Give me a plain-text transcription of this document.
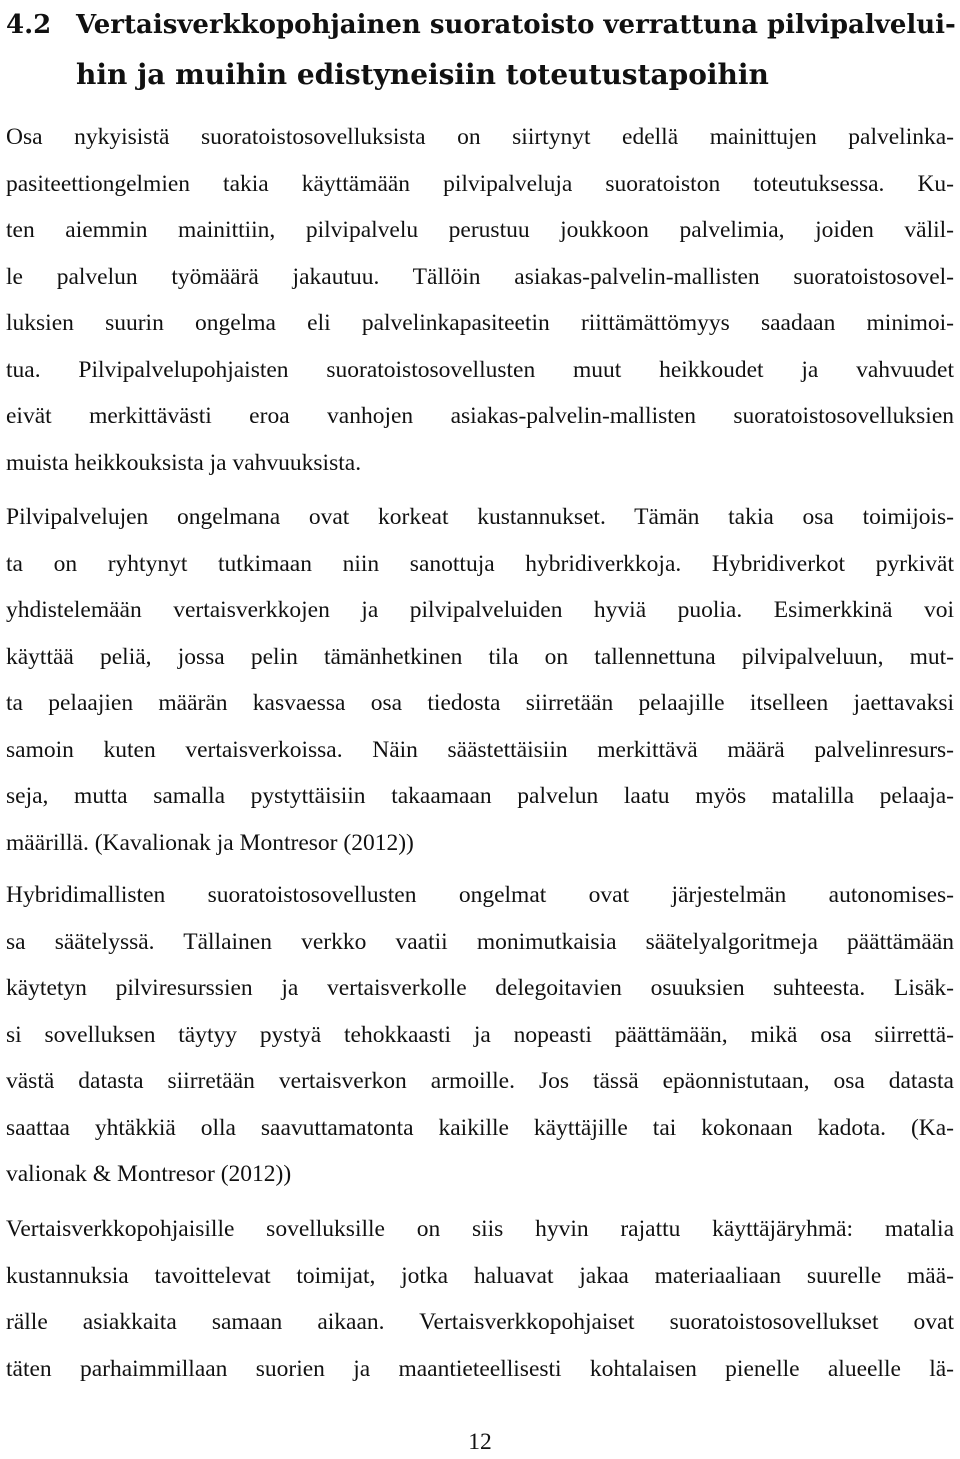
4.2 Vertaisverkkopohjainen suoratoisto verrattuna pilvipalvelui-
hin ja muihin edistyneisiin toteutustapoihin
Osa nykyisistä suoratoistosovelluksista on siirtynyt edellä mainittujen palvelinka-
pasiteettiongelmien takia käyttämään pilvipalveluja suoratoiston toteutuksessa. Ku-
ten aiemmin mainittiin, pilvipalvelu perustuu joukkoon palvelimia, joiden välil-
le palvelun työmäärä jakautuu. Tällöin asiakas-palvelin-mallisten suoratoistosovel-
luksien suurin ongelma eli palvelinkapasiteetin riittämättömyys saadaan minimoi-
tua. Pilvipalvelupohjaisten suoratoistosovellusten muut heikkoudet ja vahvuudet
eivät merkittävästi eroa vanhojen asiakas-palvelin-mallisten suoratoistosovelluksien
muista heikkouksista ja vahvuuksista.
Pilvipalvelujen ongelmana ovat korkeat kustannukset. Tämän takia osa toimijois-
ta on ryhtynyt tutkimaan niin sanottuja hybridiverkkoja. Hybridiverkot pyrkivät
yhdistelemään vertaisverkkojen ja pilvipalveluiden hyviä puolia. Esimerkkinä voi
käyttää peliä, jossa pelin tämänhetkinen tila on tallennettuna pilvipalveluun, mut-
ta pelaajien määrän kasvaessa osa tiedosta siirretään pelaajille itselleen jaettavaksi
samoin kuten vertaisverkoissa. Näin säästettäisiin merkittävä määrä palvelinresurs-
seja, mutta samalla pystyttäisiin takaamaan palvelun laatu myös matalilla pelaaja-
määrillä. (Kavalionak ja Montresor (2012))
Hybridimallisten suoratoistosovellusten ongelmat ovat järjestelmän autonomises-
sa säätelyssä. Tällainen verkko vaatii monimutkaisia säätelyalgoritmeja päättämään
käytetyn pilviresurssien ja vertaisverkolle delegoitavien osuuksien suhteesta. Lisäk-
si sovelluksen täytyy pystyä tehokkaasti ja nopeasti päättämään, mikä osa siirrettä-
västä datasta siirretään vertaisverkon armoille. Jos tässä epäonnistutaan, osa datasta
saattaa yhtäkkiä olla saavuttamatonta kaikille käyttäjille tai kokonaan kadota. (Ka-
valionak & Montresor (2012))
Vertaisverkkopohjaisille sovelluksille on siis hyvin rajattu käyttäjäryhmä: matalia
kustannuksia tavoittelevat toimijat, jotka haluavat jakaa materiaaliaan suurelle mää-
rälle asiakkaita samaan aikaan. Vertaisverkkopohjaiset suoratoistosovellukset ovat
täten parhaimmillaan suorien ja maantieteellisesti kohtalaisen pienelle alueelle lä-
12
